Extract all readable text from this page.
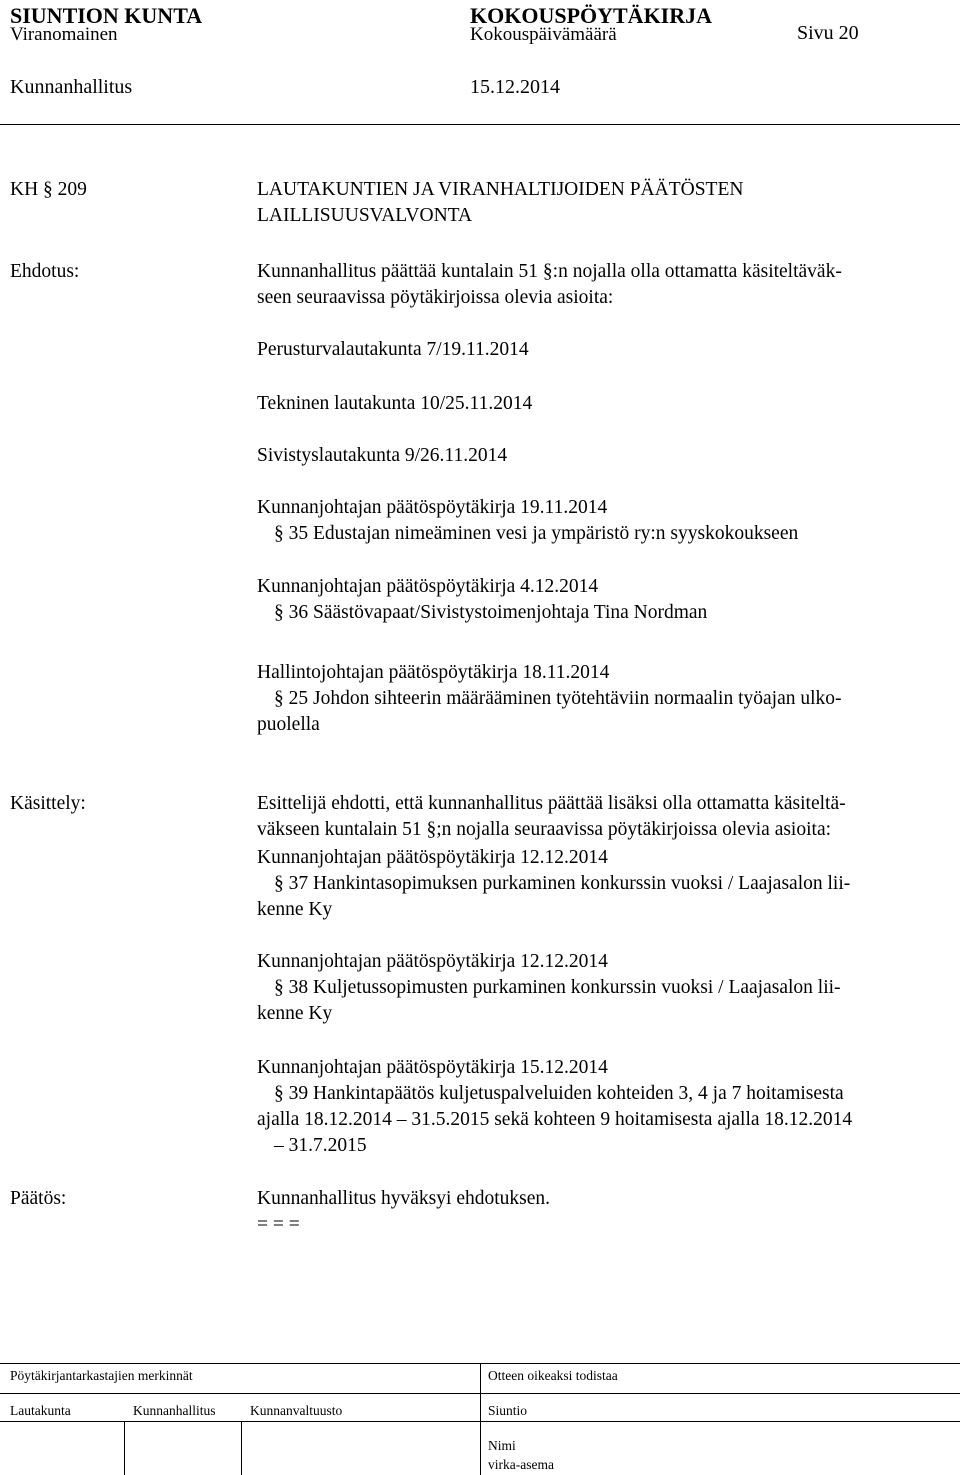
SIUNTION KUNTA	KOKOUSPÖYTÄKIRJA
Viranomainen	Kokouspäivämäärä	Sivu 20
Kunnanhallitus	15.12.2014
KH § 209	LAUTAKUNTIEN JA VIRANHALTIJOIDEN PÄÄTÖSTEN
LAILLISUUSVALVONTA
Ehdotus:	Kunnanhallitus päättää kuntalain 51 §:n nojalla olla ottamatta käsiteltäväk-
seen seuraavissa pöytäkirjoissa olevia asioita:
Perusturvalautakunta 7/19.11.2014
Tekninen lautakunta 10/25.11.2014
Sivistyslautakunta 9/26.11.2014
Kunnanjohtajan päätöspöytäkirja 19.11.2014
§ 35 Edustajan nimeäminen vesi ja ympäristö ry:n syyskokoukseen
Kunnanjohtajan päätöspöytäkirja 4.12.2014
§ 36 Säästövapaat/Sivistystoimenjohtaja Tina Nordman
Hallintojohtajan päätöspöytäkirja 18.11.2014
§ 25 Johdon sihteerin määrääminen työtehtäviin normaalin työajan ulko-
puolella
Käsittely:	Esittelijä ehdotti, että kunnanhallitus päättää lisäksi olla ottamatta käsiteltä-
väkseen kuntalain 51 §;n nojalla seuraavissa pöytäkirjoissa olevia asioita:
Kunnanjohtajan päätöspöytäkirja 12.12.2014
§ 37 Hankintasopimuksen purkaminen konkurssin vuoksi / Laajasalon lii-
kenne Ky
Kunnanjohtajan päätöspöytäkirja 12.12.2014
§ 38 Kuljetussopimusten purkaminen konkurssin vuoksi / Laajasalon lii-
kenne Ky
Kunnanjohtajan päätöspöytäkirja 15.12.2014
§ 39 Hankintapäätös kuljetuspalveluiden kohteiden 3, 4 ja 7 hoitamisesta
ajalla 18.12.2014 – 31.5.2015 sekä kohteen 9 hoitamisesta ajalla 18.12.2014
– 31.7.2015
Päätös:	Kunnanhallitus hyväksyi ehdotuksen.
= = =
Pöytäkirjantarkastajien merkinnät	Otteen oikeaksi todistaa
Lautakunta	Kunnanhallitus	Kunnanvaltuusto	Siuntio
Nimi
virka-asema
